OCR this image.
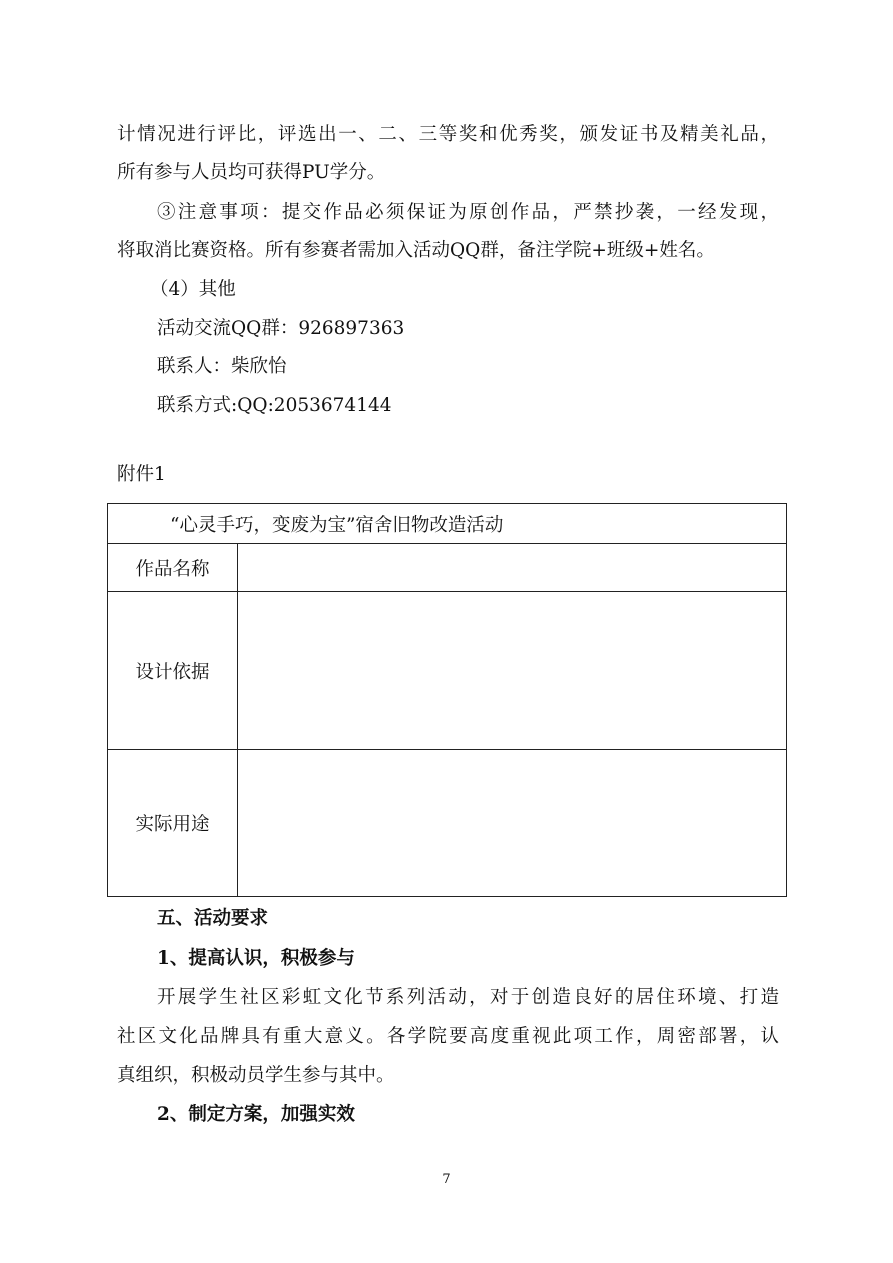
计情况进行评比，评选出一、二、三等奖和优秀奖，颁发证书及精美礼品，
所有参与人员均可获得PU学分。
③注意事项：提交作品必须保证为原创作品，严禁抄袭，一经发现，
将取消比赛资格。所有参赛者需加入活动QQ群，备注学院+班级+姓名。
（4）其他
活动交流QQ群：926897363
联系人：柴欣怡
联系方式:QQ:2053674144
附件1
“心灵手巧，变废为宝”宿舍旧物改造活动	
作品名称	
设计依据	
实际用途	
五、活动要求
1、提高认识，积极参与
开展学生社区彩虹文化节系列活动，对于创造良好的居住环境、打造
社区文化品牌具有重大意义。各学院要高度重视此项工作，周密部署，认
真组织，积极动员学生参与其中。
2、制定方案，加强实效
7
